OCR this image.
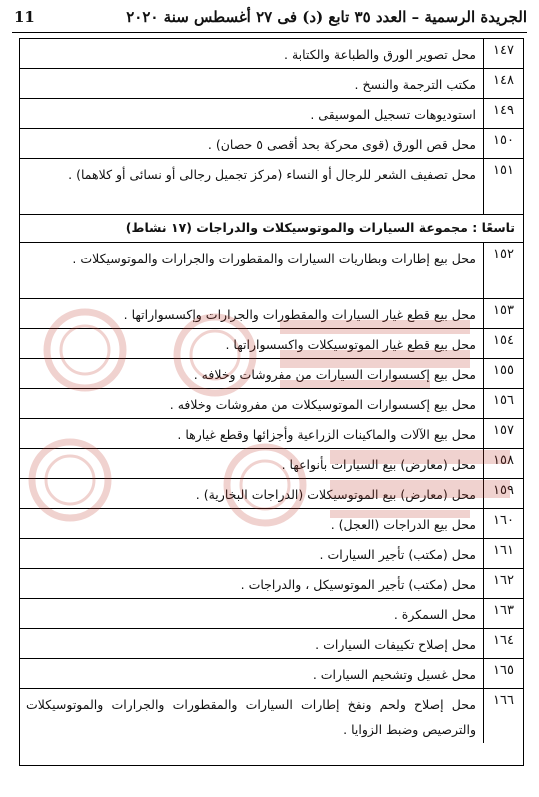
الجريدة الرسمية – العدد ٣٥ تابع (د) فى ٢٧ أغسطس سنة ٢٠٢٠
11
١٤٧
محل تصوير الورق والطباعة والكتابة .
١٤٨
مكتب الترجمة والنسخ .
١٤٩
استوديوهات تسجيل الموسيقى .
١٥٠
محل قص الورق (قوى محركة بحد أقصى ٥ حصان) .
١٥١
محل تصفيف الشعر للرجال أو النساء (مركز تجميل رجالى أو نسائى أو كلاهما) .
تاسعًا : مجموعة السيارات والموتوسيكلات والدراجات (١٧ نشاط)
١٥٢
محل بيع إطارات وبطاريات السيارات والمقطورات والجرارات والموتوسيكلات .
١٥٣
محل بيع قطع غيار السيارات والمقطورات والجرارات وإكسسواراتها .
١٥٤
محل بيع قطع غيار الموتوسيكلات واكسسواراتها .
١٥٥
محل بيع إكسسوارات السيارات من مفروشات وخلافه .
١٥٦
محل بيع إكسسوارات الموتوسيكلات من مفروشات وخلافه .
١٥٧
محل بيع الآلات والماكينات الزراعية وأجزائها وقطع غيارها .
١٥٨
محل (معارض) بيع السيارات بأنواعها .
١٥٩
محل (معارض) بيع الموتوسيكلات (الدراجات البخارية) .
١٦٠
محل بيع الدراجات (العجل) .
١٦١
محل (مكتب) تأجير السيارات .
١٦٢
محل (مكتب) تأجير الموتوسيكل ، والدراجات .
١٦٣
محل السمكرة .
١٦٤
محل إصلاح تكييفات السيارات .
١٦٥
محل غسيل وتشحيم السيارات .
١٦٦
محل إصلاح ولحم ونفخ إطارات السيارات والمقطورات والجرارات والموتوسيكلات والترصيص وضبط الزوايا .
